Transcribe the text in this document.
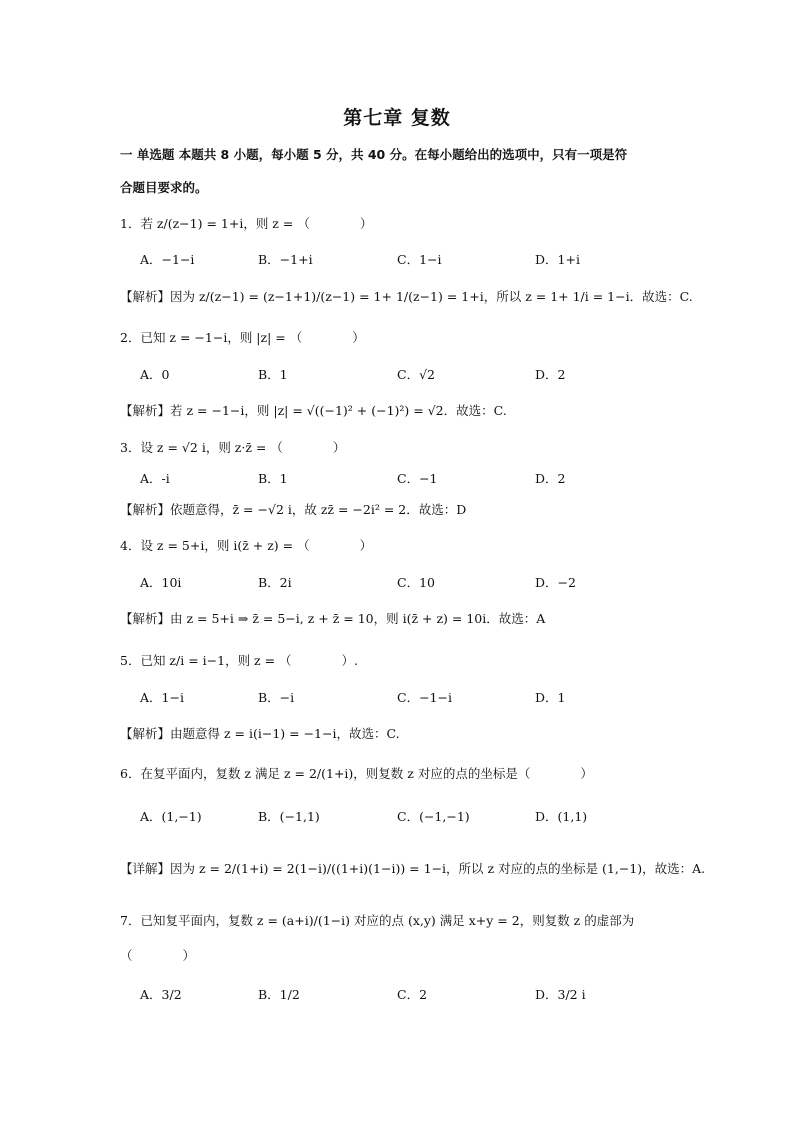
第七章 复数
一 单选题 本题共 8 小题，每小题 5 分，共 40 分。在每小题给出的选项中，只有一项是符
合题目要求的。
1．若 z/(z−1) = 1+i，则 z = （　　　　）
A．−1−i	B．−1+i	C．1−i	D．1+i
【解析】因为 z/(z−1) = (z−1+1)/(z−1) = 1+ 1/(z−1) = 1+i，所以 z = 1+ 1/i = 1−i．故选：C.
2．已知 z = −1−i，则 |z| = （　　　　）
A．0	B．1	C．√2	D．2
【解析】若 z = −1−i，则 |z| = √((−1)² + (−1)²) = √2．故选：C.
3．设 z = √2 i，则 z·z̄ = （　　　　）
A．-i	B．1	C．−1	D．2
【解析】依题意得，z̄ = −√2 i，故 zz̄ = −2i² = 2．故选：D
4．设 z = 5+i，则 i(z̄ + z) = （　　　　）
A．10i	B．2i	C．10	D．−2
【解析】由 z = 5+i ⇒ z̄ = 5−i, z + z̄ = 10，则 i(z̄ + z) = 10i．故选：A
5．已知 z/i = i−1，则 z = （　　　　）.
A．1−i	B．−i	C．−1−i	D．1
【解析】由题意得 z = i(i−1) = −1−i，故选：C.
6．在复平面内，复数 z 满足 z = 2/(1+i)，则复数 z 对应的点的坐标是（　　　　）
A．(1,−1)	B．(−1,1)	C．(−1,−1)	D．(1,1)
【详解】因为 z = 2/(1+i) = 2(1−i)/((1+i)(1−i)) = 1−i，所以 z 对应的点的坐标是 (1,−1)，故选：A.
7．已知复平面内，复数 z = (a+i)/(1−i) 对应的点 (x,y) 满足 x+y = 2，则复数 z 的虚部为
（　　　　）
A．3/2	B．1/2	C．2	D．3/2 i
